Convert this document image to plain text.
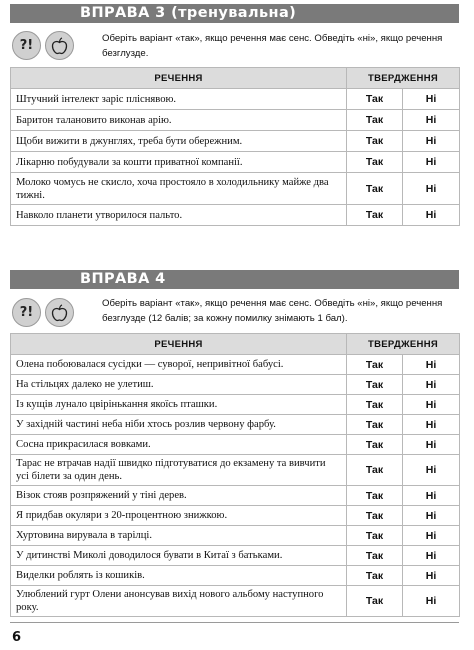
ВПРАВА 3 (тренувальна)
?!	Оберіть варіант «так», якщо речення має сенс. Обведіть «ні», якщо речення безглузде.
РЕЧЕННЯ	ТВЕРДЖЕННЯ	
Штучний інтелект заріс пліснявою.	Так	Ні
Баритон талановито виконав арію.	Так	Ні
Щоби вижити в джунглях, треба бути обережним.	Так	Ні
Лікарню побудували за кошти приватної компанії.	Так	Ні
Молоко чомусь не скисло, хоча простояло в холодильнику майже два тижні.	Так	Ні
Навколо планети утворилося пальто.	Так	Ні
ВПРАВА 4
?!
Оберіть варіант «так», якщо речення має сенс. Обведіть «ні», якщо речення безглузде (12 балів; за кожну помилку знімають 1 бал).
РЕЧЕННЯ	ТВЕРДЖЕННЯ	
Олена побоювалася сусідки — суворої, непривітної бабусі.	Так	Ні
На стільцях далеко не улетиш.	Так	Ні
Із кущів лунало цвірінькання якоїсь пташки.	Так	Ні
У західній частині неба ніби хтось розлив червону фарбу.	Так	Ні
Сосна прикрасилася вовками.	Так	Ні
Тарас не втрачав надії швидко підготуватися до екзамену та вивчити усі білети за один день.	Так	Ні
Візок стояв розпряжений у тіні дерев.	Так	Ні
Я придбав окуляри з 20-процентною знижкою.	Так	Ні
Хуртовина вирувала в тарілці.	Так	Ні
У дитинстві Миколі доводилося бувати в Китаї з батьками.	Так	Ні
Виделки роблять із кошиків.	Так	Ні
Улюблений гурт Олени анонсував вихід нового альбому наступного року.	Так	Ні
6
